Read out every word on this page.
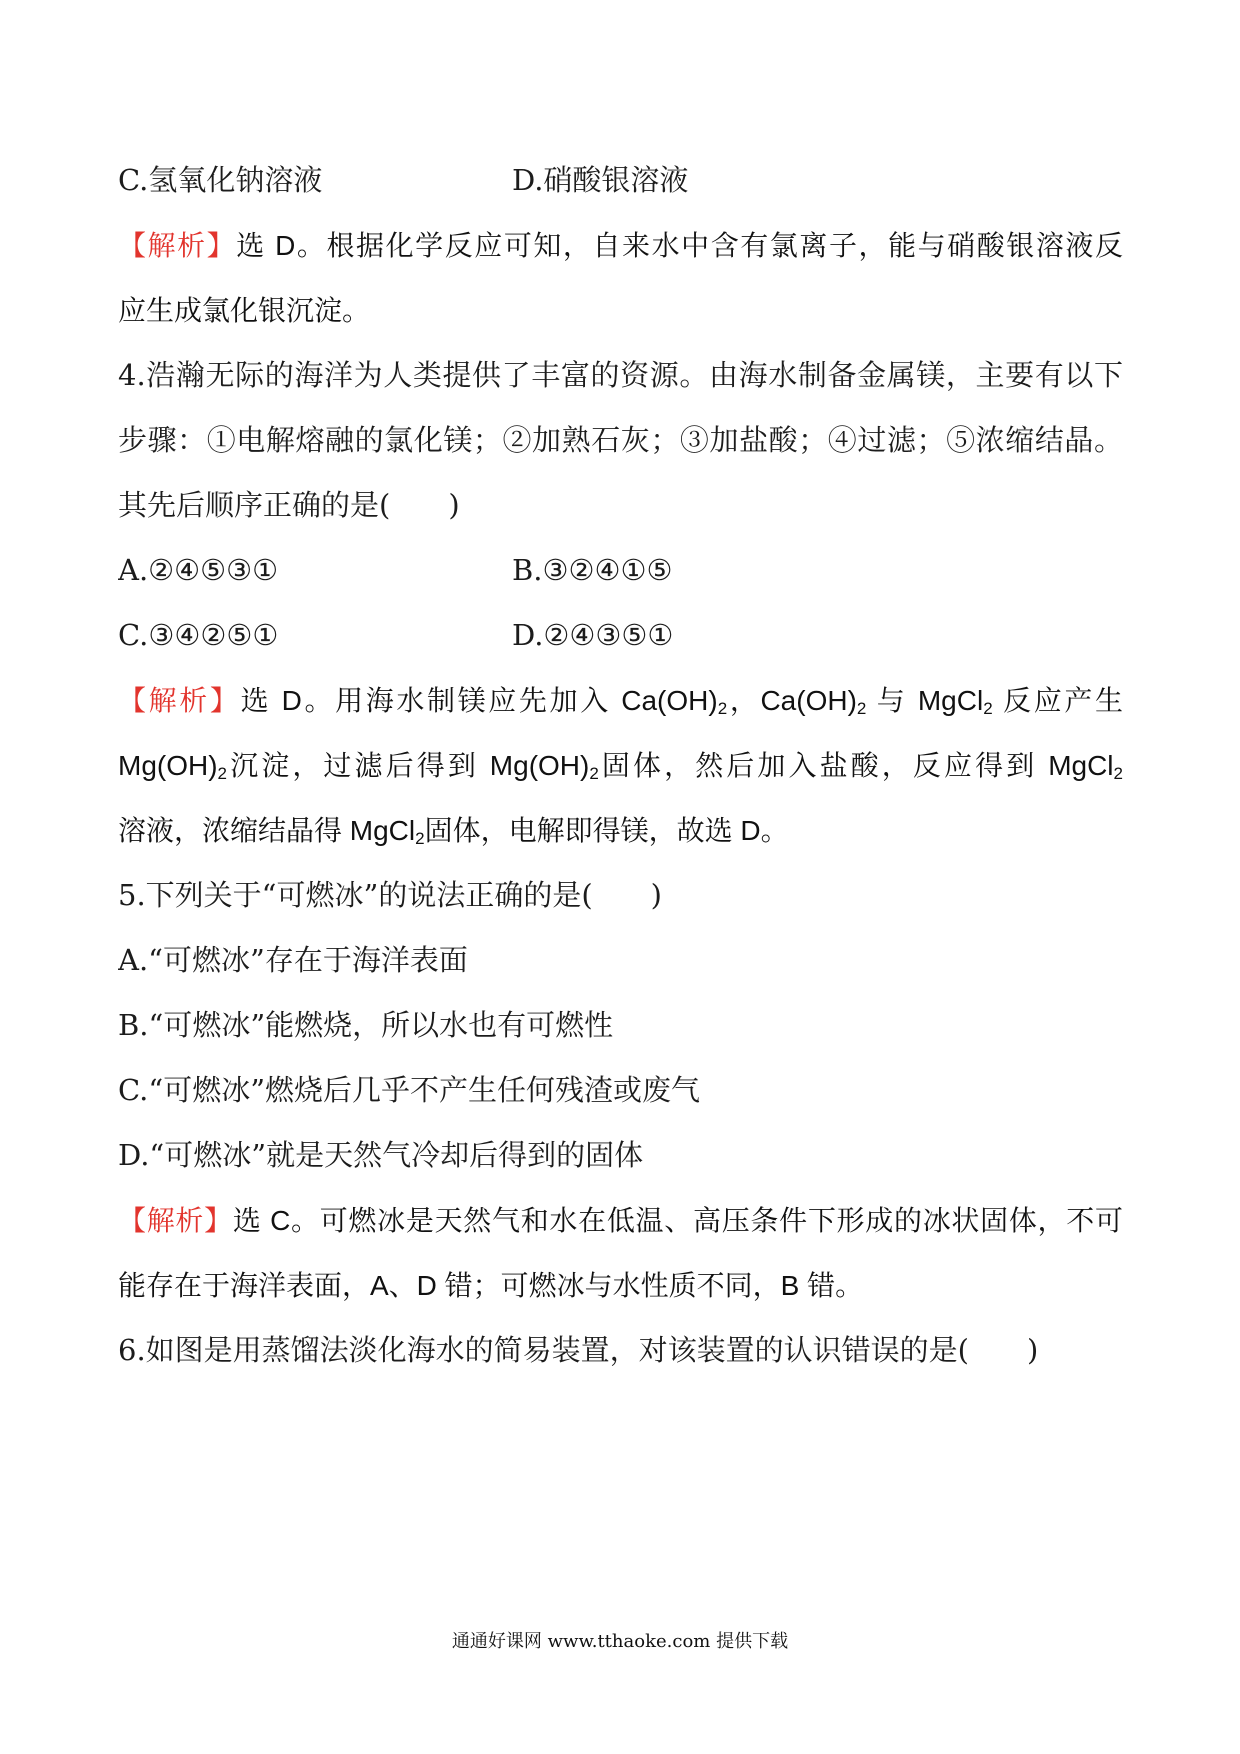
C.氢氧化钠溶液	D.硝酸银溶液
【解析】选 D。根据化学反应可知，自来水中含有氯离子，能与硝酸银溶液反
应生成氯化银沉淀。
4.浩瀚无际的海洋为人类提供了丰富的资源。由海水制备金属镁，主要有以下
步骤：①电解熔融的氯化镁；②加熟石灰；③加盐酸；④过滤；⑤浓缩结晶。
其先后顺序正确的是(　　)
A.②④⑤③①	B.③②④①⑤
C.③④②⑤①	D.②④③⑤①
【解析】选 D。用海水制镁应先加入 $Ca(OH)_2$，$Ca(OH)_2$ 与 MgCl$_2$ 反应产生
$Mg(OH)_2$沉淀，过滤后得到 $Mg(OH)_2$固体，然后加入盐酸，反应得到 MgCl$_2$
溶液，浓缩结晶得 MgCl$_2$固体，电解即得镁，故选 D。
5.下列关于“可燃冰”的说法正确的是(　　)
A.“可燃冰”存在于海洋表面
B.“可燃冰”能燃烧，所以水也有可燃性
C.“可燃冰”燃烧后几乎不产生任何残渣或废气
D.“可燃冰”就是天然气冷却后得到的固体
【解析】选 C。可燃冰是天然气和水在低温、高压条件下形成的冰状固体，不可
能存在于海洋表面，A、D 错；可燃冰与水性质不同，B 错。
6.如图是用蒸馏法淡化海水的简易装置，对该装置的认识错误的是(　　)
通通好课网 www.tthaoke.com 提供下载
